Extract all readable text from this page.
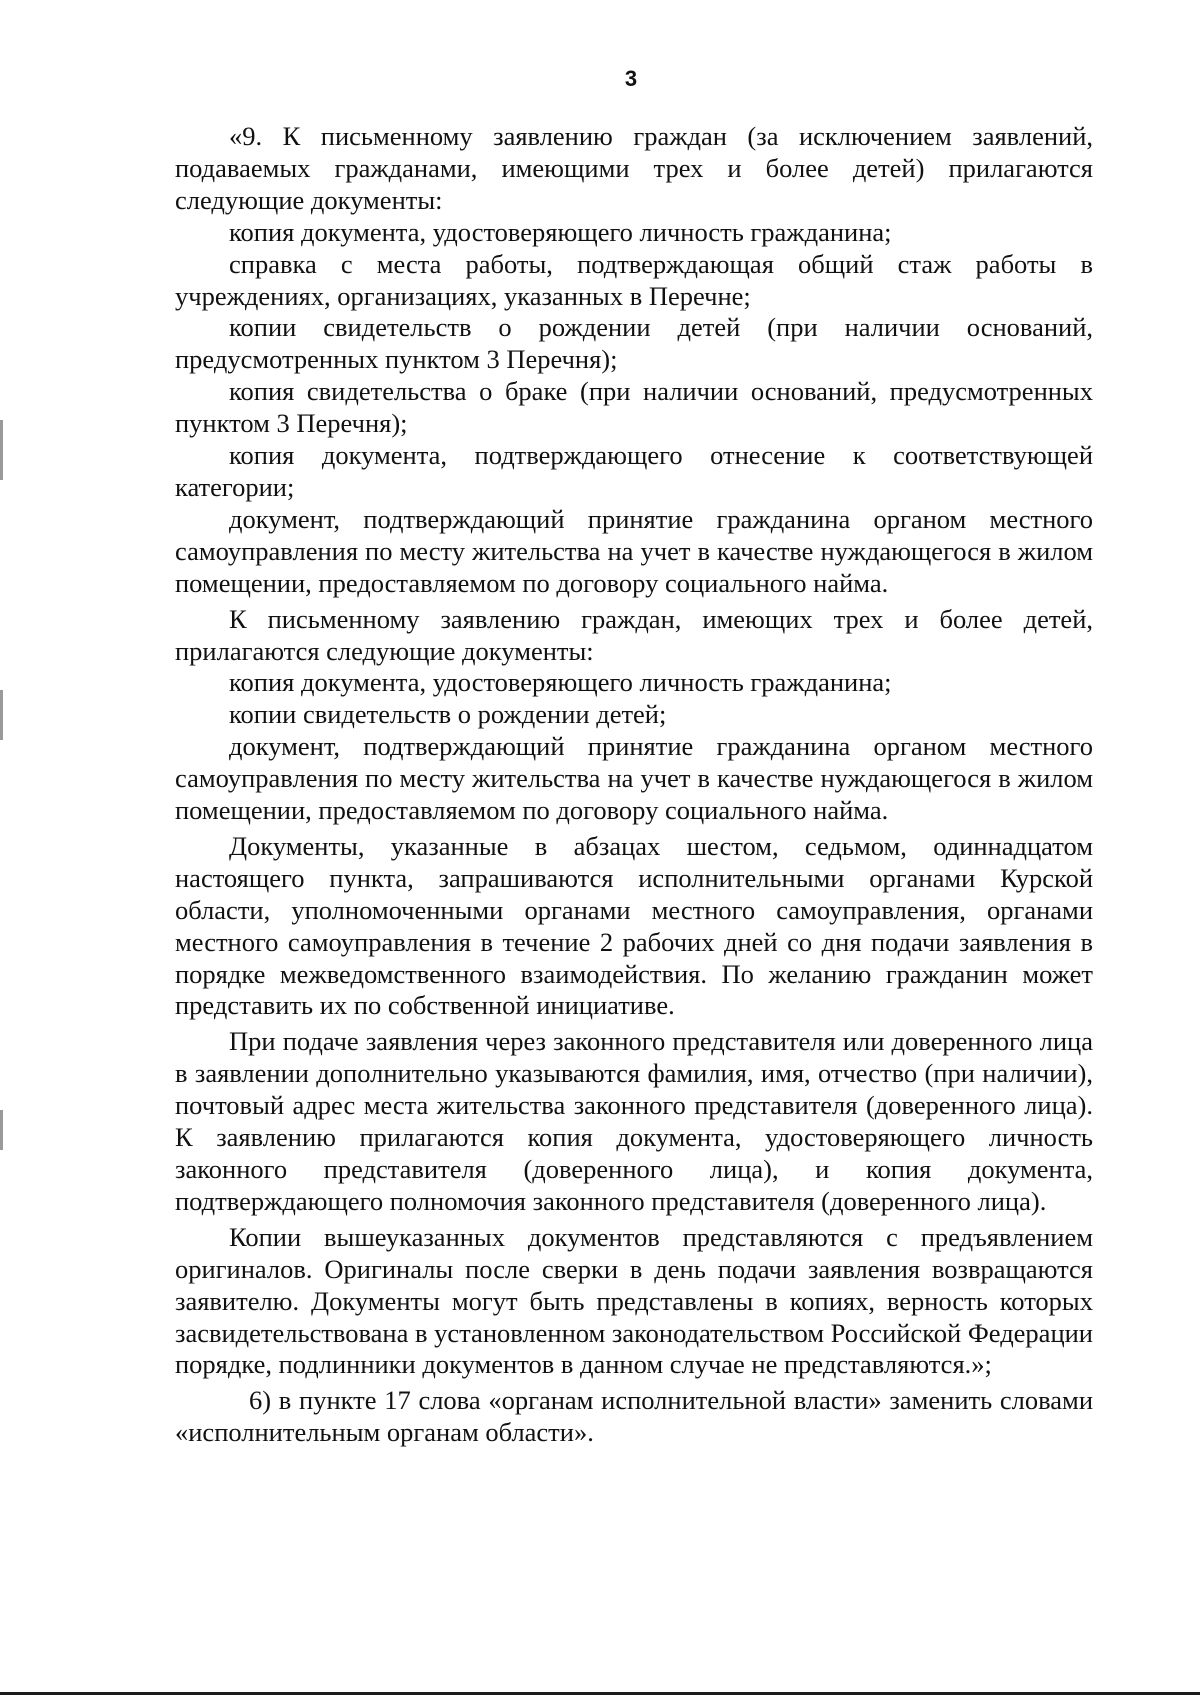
3

«9. К письменному заявлению граждан (за исключением заявлений, подаваемых гражданами, имеющими трех и более детей) прилагаются следующие документы:

копия документа, удостоверяющего личность гражданина;

справка с места работы, подтверждающая общий стаж работы в учреждениях, организациях, указанных в Перечне;

копии свидетельств о рождении детей (при наличии оснований, предусмотренных пунктом 3 Перечня);

копия свидетельства о браке (при наличии оснований, предусмотренных пунктом 3 Перечня);

копия документа, подтверждающего отнесение к соответствующей категории;

документ, подтверждающий принятие гражданина органом местного самоуправления по месту жительства на учет в качестве нуждающегося в жилом помещении, предоставляемом по договору социального найма.

К письменному заявлению граждан, имеющих трех и более детей, прилагаются следующие документы:

копия документа, удостоверяющего личность гражданина;

копии свидетельств о рождении детей;

документ, подтверждающий принятие гражданина органом местного самоуправления по месту жительства на учет в качестве нуждающегося в жилом помещении, предоставляемом по договору социального найма.

Документы, указанные в абзацах шестом, седьмом, одиннадцатом настоящего пункта, запрашиваются исполнительными органами Курской области, уполномоченными органами местного самоуправления, органами местного самоуправления в течение 2 рабочих дней со дня подачи заявления в порядке межведомственного взаимодействия. По желанию гражданин может представить их по собственной инициативе.

При подаче заявления через законного представителя или доверенного лица в заявлении дополнительно указываются фамилия, имя, отчество (при наличии), почтовый адрес места жительства законного представителя (доверенного лица). К заявлению прилагаются копия документа, удостоверяющего личность законного представителя (доверенного лица), и копия документа, подтверждающего полномочия законного представителя (доверенного лица).

Копии вышеуказанных документов представляются с предъявлением оригиналов. Оригиналы после сверки в день подачи заявления возвращаются заявителю. Документы могут быть представлены в копиях, верность которых засвидетельствована в установленном законодательством Российской Федерации порядке, подлинники документов в данном случае не представляются.»;

6) в пункте 17 слова «органам исполнительной власти» заменить словами «исполнительным органам области».
